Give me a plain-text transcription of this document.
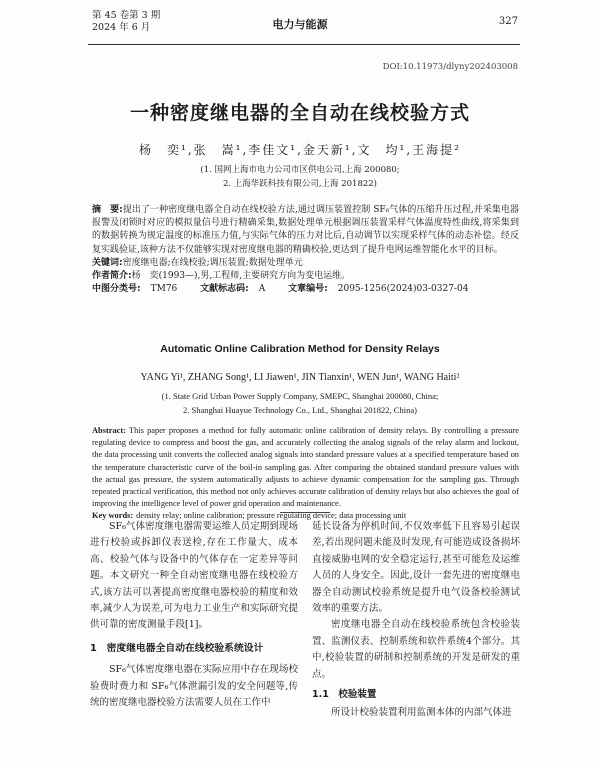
第 45 卷第 3 期
2024 年 6 月	电力与能源	327
DOI:10.11973/dlyny202403008
一种密度继电器的全自动在线校验方式
杨　奕¹,张　嵩¹,李佳文¹,金天新¹,文　均¹,王海提²
(1. 国网上海市电力公司市区供电公司,上海 200080;
2. 上海华跃科技有限公司,上海 201822)
摘　要:提出了一种密度继电器全自动在线校验方法,通过调压装置控制 SF₆气体的压缩升压过程,并采集电器报警及闭锁时对应的模拟量信号进行精确采集,数据处理单元根据调压装置采样气体温度特性曲线,将采集到的数据转换为规定温度的标准压力值,与实际气体的压力对比后,自动调节以实现采样气体的动态补偿。经反复实践验证,该种方法不仅能够实现对密度继电器的精确校验,更达到了提升电网运维智能化水平的目标。
关键词:密度继电器;在线校验;调压装置;数据处理单元
作者简介:杨　奕(1993—),男,工程师,主要研究方向为变电运维。
中图分类号: TM76	文献标志码: A	文章编号: 2095-1256(2024)03-0327-04
Automatic Online Calibration Method for Density Relays
YANG Yi¹, ZHANG Song¹, LI Jiawen¹, JIN Tianxin¹, WEN Jun¹, WANG Haiti²
(1. State Grid Urban Power Supply Company, SMEPC, Shanghai 200080, China;
2. Shanghai Huayue Technology Co., Ltd., Shanghai 201822, China)
Abstract: This paper proposes a method for fully automatic online calibration of density relays. By controlling a pressure regulating device to compress and boost the gas, and accurately collecting the analog signals of the relay alarm and lockout, the data processing unit converts the collected analog signals into standard pressure values at a specified temperature based on the temperature characteristic curve of the boil-in sampling gas. After comparing the obtained standard pressure values with the actual gas pressure, the system automatically adjusts to achieve dynamic compensation for the sampling gas. Through repeated practical verification, this method not only achieves accurate calibration of density relays but also achieves the goal of improving the intelligence level of power grid operation and maintenance.
Key words: density relay; online calibration; pressure regulating device; data processing unit

SF₆气体密度继电器需要运维人员定期到现场进行校验或拆卸仪表送检,存在工作量大、成本高、校验气体与设备中的气体存在一定差异等问题。本文研究一种全自动密度继电器在线校验方式,该方法可以著提高密度继电器校验的精度和效率,减少人为误差,可为电力工业生产和实际研究提供可靠的密度测量手段[1]。

1　密度继电器全自动在线校验系统设计

SF₆气体密度继电器在实际应用中存在现场校验费时费力和 SF₆气体泄漏引发的安全问题等,传统的密度继电器校验方法需要人员在工作中

延长设备为停机时间,不仅效率低下且容易引起误差,若出现问题未能及时发现,有可能造成设备损坏直接威胁电网的安全稳定运行,甚至可能危及运维人员的人身安全。因此,设计一套先进的密度继电器全自动测试校验系统是提升电气设备校验测试效率的重要方法。

密度继电器全自动在线校验系统包含校验装置、监测仪表、控制系统和软件系统4个部分。其中,校验装置的研制和控制系统的开发是研发的重点。

1.1　校验装置

所设计校验装置利用监测本体的内部气体进
